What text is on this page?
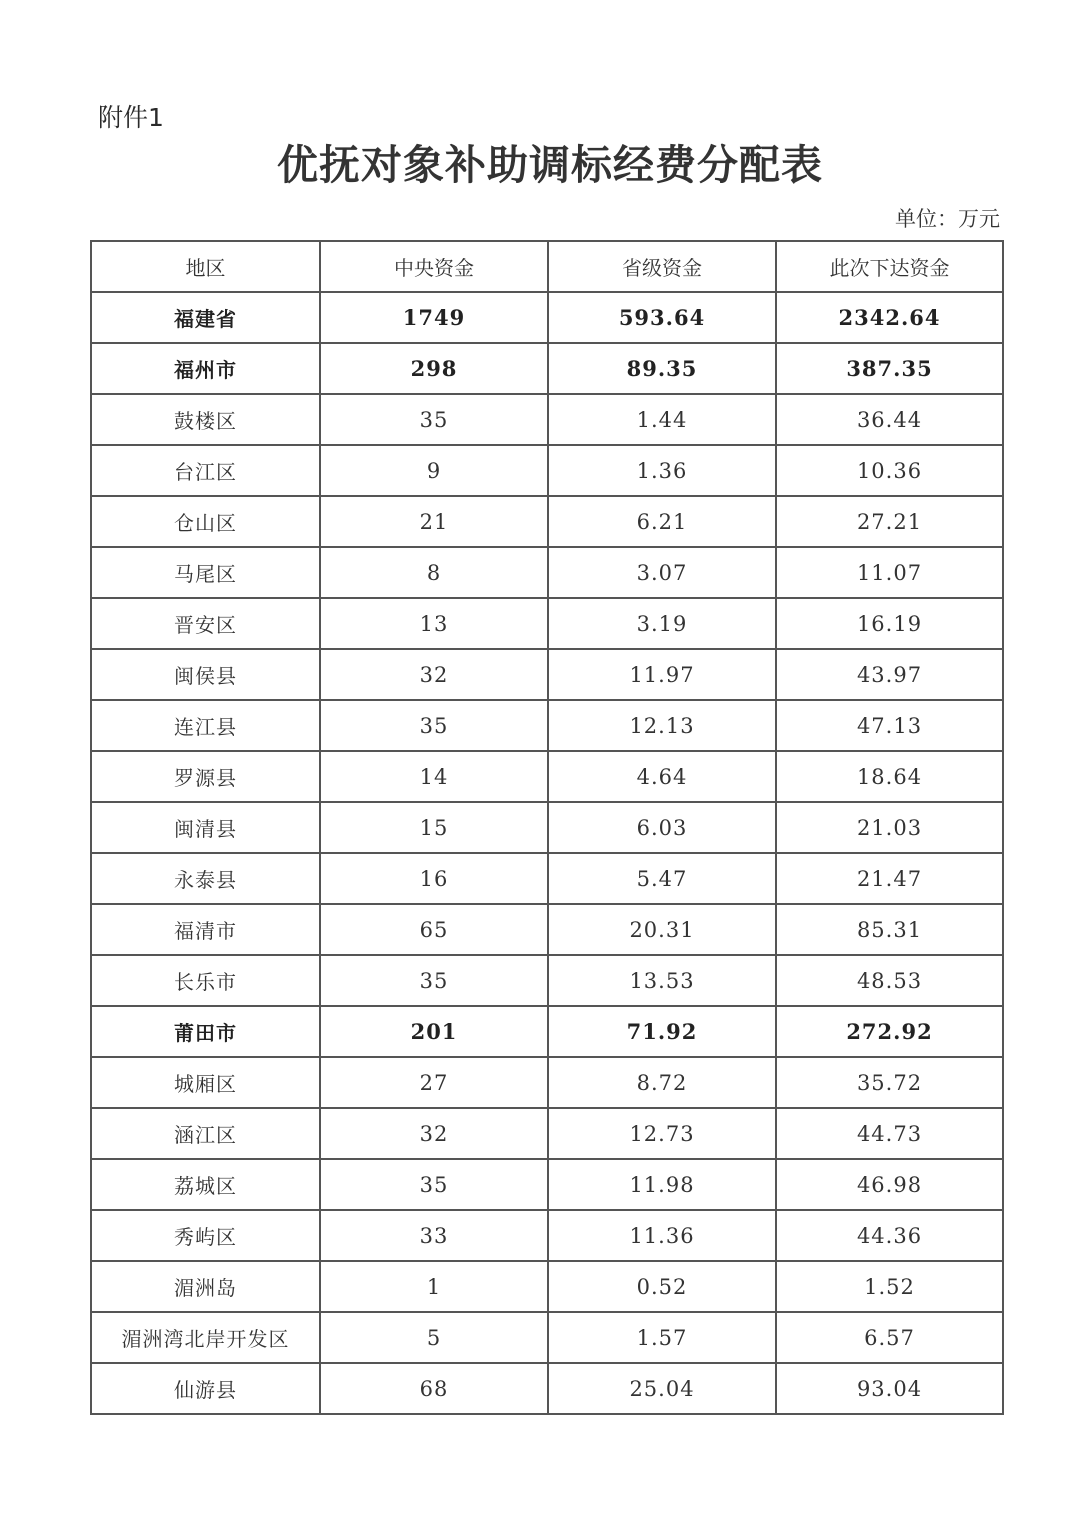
附件1
优抚对象补助调标经费分配表
单位：万元
地区	中央资金	省级资金	此次下达资金
福建省	1749	593.64	2342.64
福州市	298	89.35	387.35
鼓楼区	35	1.44	36.44
台江区	9	1.36	10.36
仓山区	21	6.21	27.21
马尾区	8	3.07	11.07
晋安区	13	3.19	16.19
闽侯县	32	11.97	43.97
连江县	35	12.13	47.13
罗源县	14	4.64	18.64
闽清县	15	6.03	21.03
永泰县	16	5.47	21.47
福清市	65	20.31	85.31
长乐市	35	13.53	48.53
莆田市	201	71.92	272.92
城厢区	27	8.72	35.72
涵江区	32	12.73	44.73
荔城区	35	11.98	46.98
秀屿区	33	11.36	44.36
湄洲岛	1	0.52	1.52
湄洲湾北岸开发区	5	1.57	6.57
仙游县	68	25.04	93.04
